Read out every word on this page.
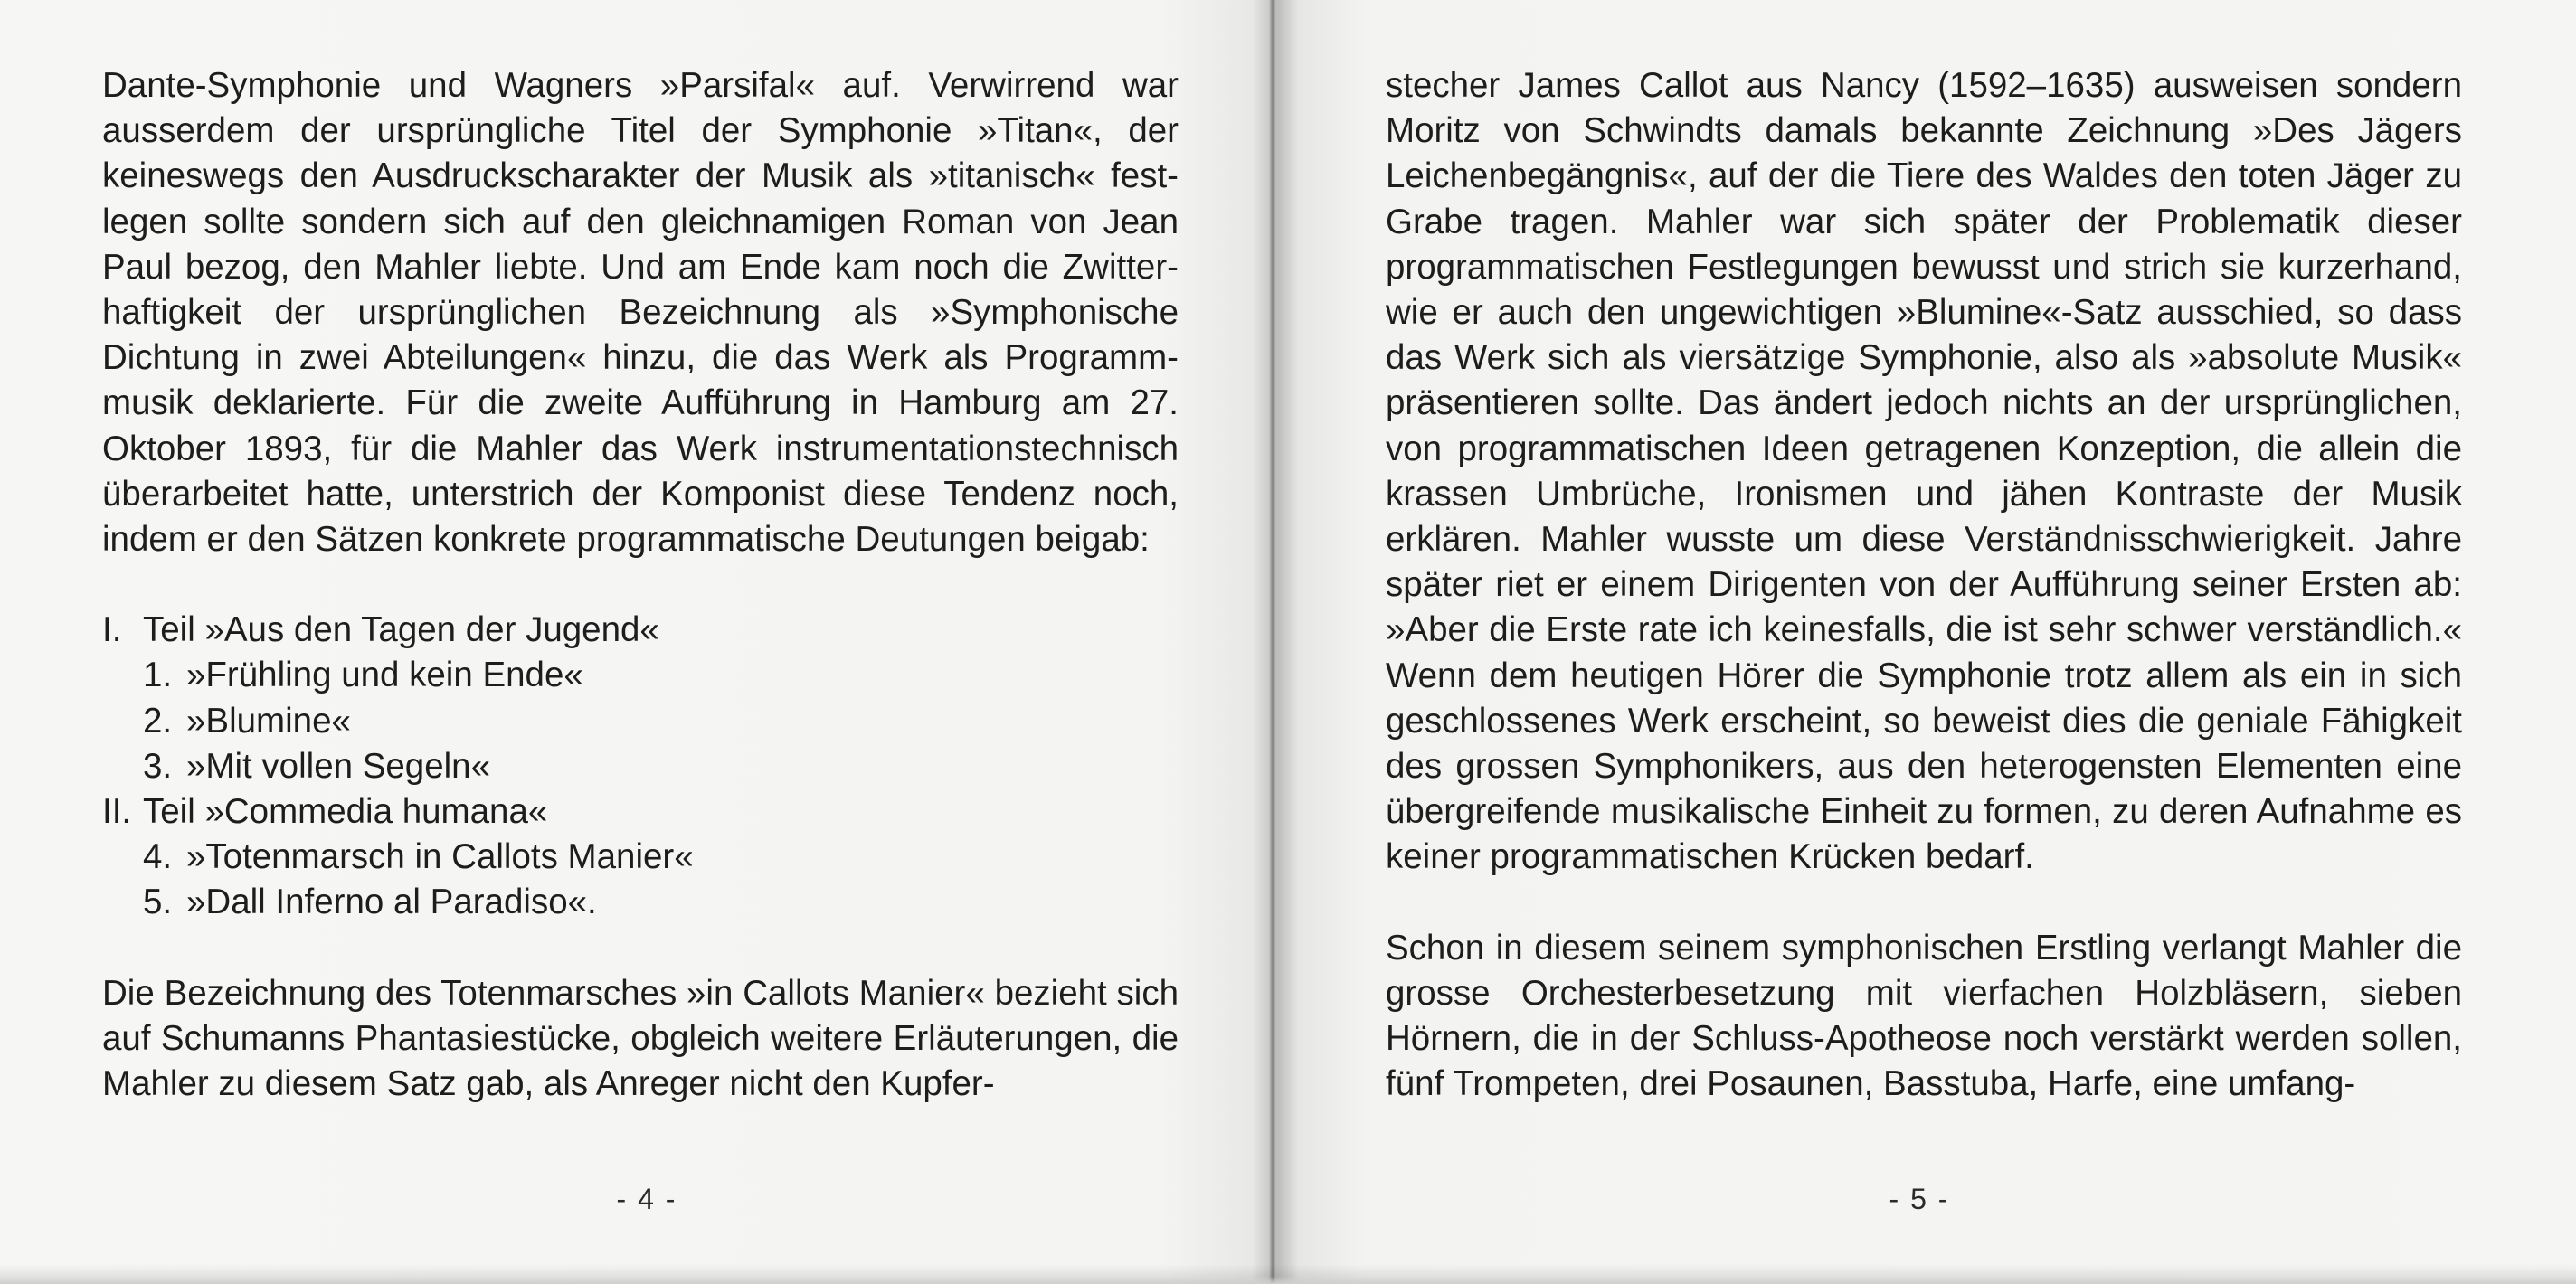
Dante-Symphonie und Wagners »Parsifal« auf. Verwirrend war ausserdem der ursprüngliche Titel der Symphonie »Titan«, der keineswegs den Ausdruckscharakter der Musik als »titanisch« festlegen sollte sondern sich auf den gleichnamigen Roman von Jean Paul bezog, den Mahler liebte. Und am Ende kam noch die Zwitterhaftigkeit der ursprünglichen Bezeichnung als »Symphonische Dichtung in zwei Abteilungen« hinzu, die das Werk als Programmmusik deklarierte. Für die zweite Aufführung in Hamburg am 27. Oktober 1893, für die Mahler das Werk instrumentationstechnisch überarbeitet hatte, unterstrich der Komponist diese Tendenz noch, indem er den Sätzen konkrete programmatische Deutungen beigab:

I. Teil »Aus den Tagen der Jugend«
1. »Frühling und kein Ende«
2. »Blumine«
3. »Mit vollen Segeln«
II. Teil »Commedia humana«
4. »Totenmarsch in Callots Manier«
5. »Dall Inferno al Paradiso«.

Die Bezeichnung des Totenmarsches »in Callots Manier« bezieht sich auf Schumanns Phantasiestücke, obgleich weitere Erläuterungen, die Mahler zu diesem Satz gab, als Anreger nicht den Kupfer-

stecher James Callot aus Nancy (1592–1635) ausweisen sondern Moritz von Schwindts damals bekannte Zeichnung »Des Jägers Leichenbegängnis«, auf der die Tiere des Waldes den toten Jäger zu Grabe tragen. Mahler war sich später der Problematik dieser programmatischen Festlegungen bewusst und strich sie kurzerhand, wie er auch den ungewichtigen »Blumine«-Satz ausschied, so dass das Werk sich als viersätzige Symphonie, also als »absolute Musik« präsentieren sollte. Das ändert jedoch nichts an der ursprünglichen, von programmatischen Ideen getragenen Konzeption, die allein die krassen Umbrüche, Ironismen und jähen Kontraste der Musik erklären. Mahler wusste um diese Verständnisschwierigkeit. Jahre später riet er einem Dirigenten von der Aufführung seiner Ersten ab: »Aber die Erste rate ich keinesfalls, die ist sehr schwer verständlich.« Wenn dem heutigen Hörer die Symphonie trotz allem als ein in sich geschlossenes Werk erscheint, so beweist dies die geniale Fähigkeit des grossen Symphonikers, aus den heterogensten Elementen eine übergreifende musikalische Einheit zu formen, zu deren Aufnahme es keiner programmatischen Krücken bedarf.

Schon in diesem seinem symphonischen Erstling verlangt Mahler die grosse Orchesterbesetzung mit vierfachen Holzbläsern, sieben Hörnern, die in der Schluss-Apotheose noch verstärkt werden sollen, fünf Trompeten, drei Posaunen, Basstuba, Harfe, eine umfang-

- 4 -	- 5 -
